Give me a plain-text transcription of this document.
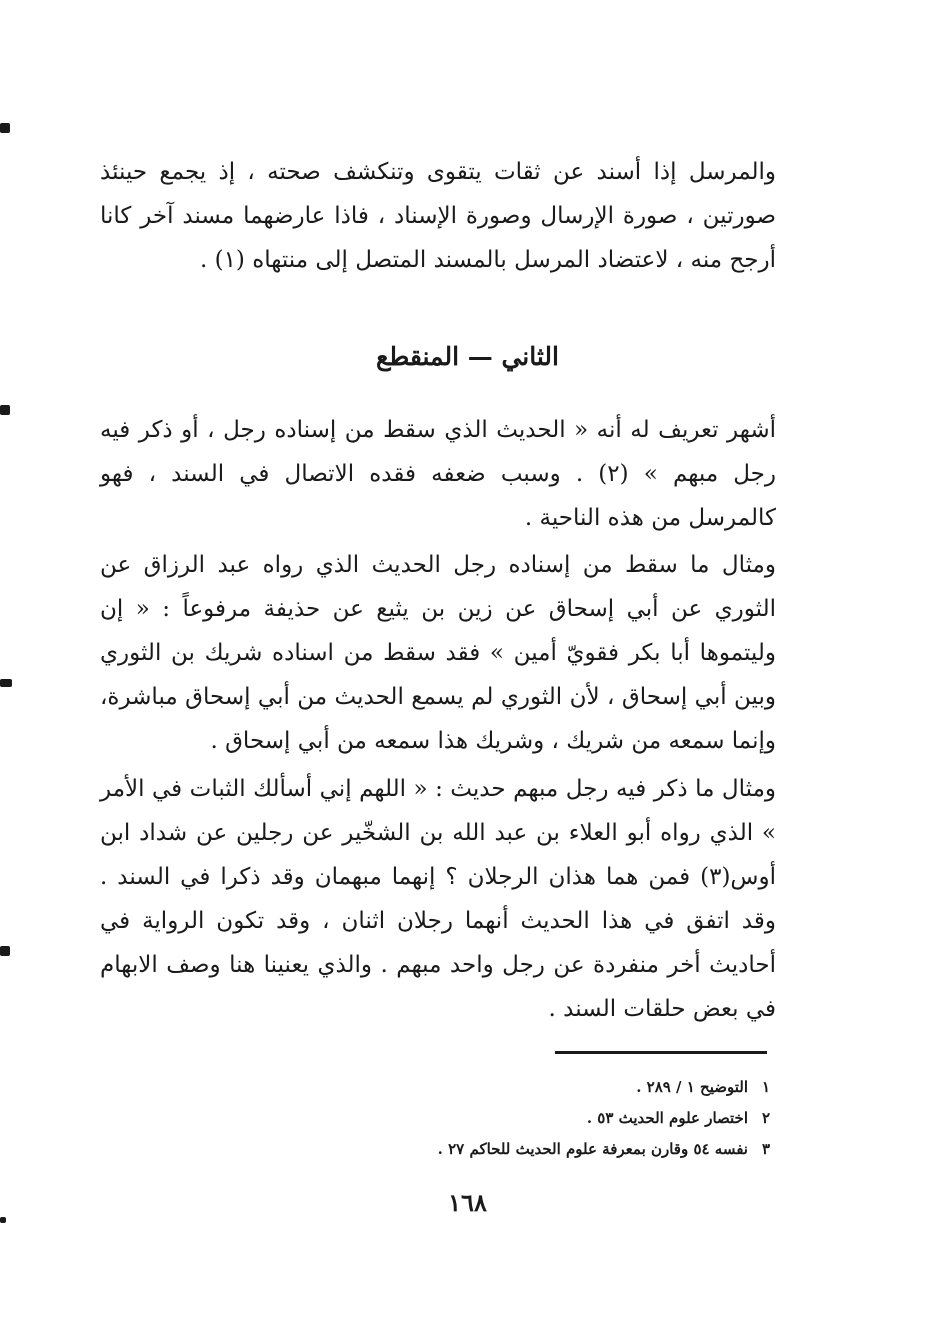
والمرسل إذا أسند عن ثقات يتقوى وتنكشف صحته ، إذ يجمع حينئذ صورتين ، صورة الإرسال وصورة الإسناد ، فاذا عارضهما مسند آخر كانا أرجح منه ، لاعتضاد المرسل بالمسند المتصل إلى منتهاه (١) .

الثاني — المنقطع

أشهر تعريف له أنه « الحديث الذي سقط من إسناده رجل ، أو ذكر فيه رجل مبهم » (٢) . وسبب ضعفه فقده الاتصال في السند ، فهو كالمرسل من هذه الناحية .

ومثال ما سقط من إسناده رجل الحديث الذي رواه عبد الرزاق عن الثوري عن أبي إسحاق عن زين بن يثيع عن حذيفة مرفوعاً : « إن وليتموها أبا بكر فقويّ أمين » فقد سقط من اسناده شريك بن الثوري وبين أبي إسحاق ، لأن الثوري لم يسمع الحديث من أبي إسحاق مباشرة، وإنما سمعه من شريك ، وشريك هذا سمعه من أبي إسحاق .

ومثال ما ذكر فيه رجل مبهم حديث : « اللهم إني أسألك الثبات في الأمر » الذي رواه أبو العلاء بن عبد الله بن الشخّير عن رجلين عن شداد ابن أوس(٣) فمن هما هذان الرجلان ؟ إنهما مبهمان وقد ذكرا في السند . وقد اتفق في هذا الحديث أنهما رجلان اثنان ، وقد تكون الرواية في أحاديث أخر منفردة عن رجل واحد مبهم . والذي يعنينا هنا وصف الابهام في بعض حلقات السند .

١
التوضيح ١ / ٢٨٩ .
٢
اختصار علوم الحديث ٥٣ .
٣
نفسه ٥٤ وقارن بمعرفة علوم الحديث للحاكم ٢٧ .
١٦٨
